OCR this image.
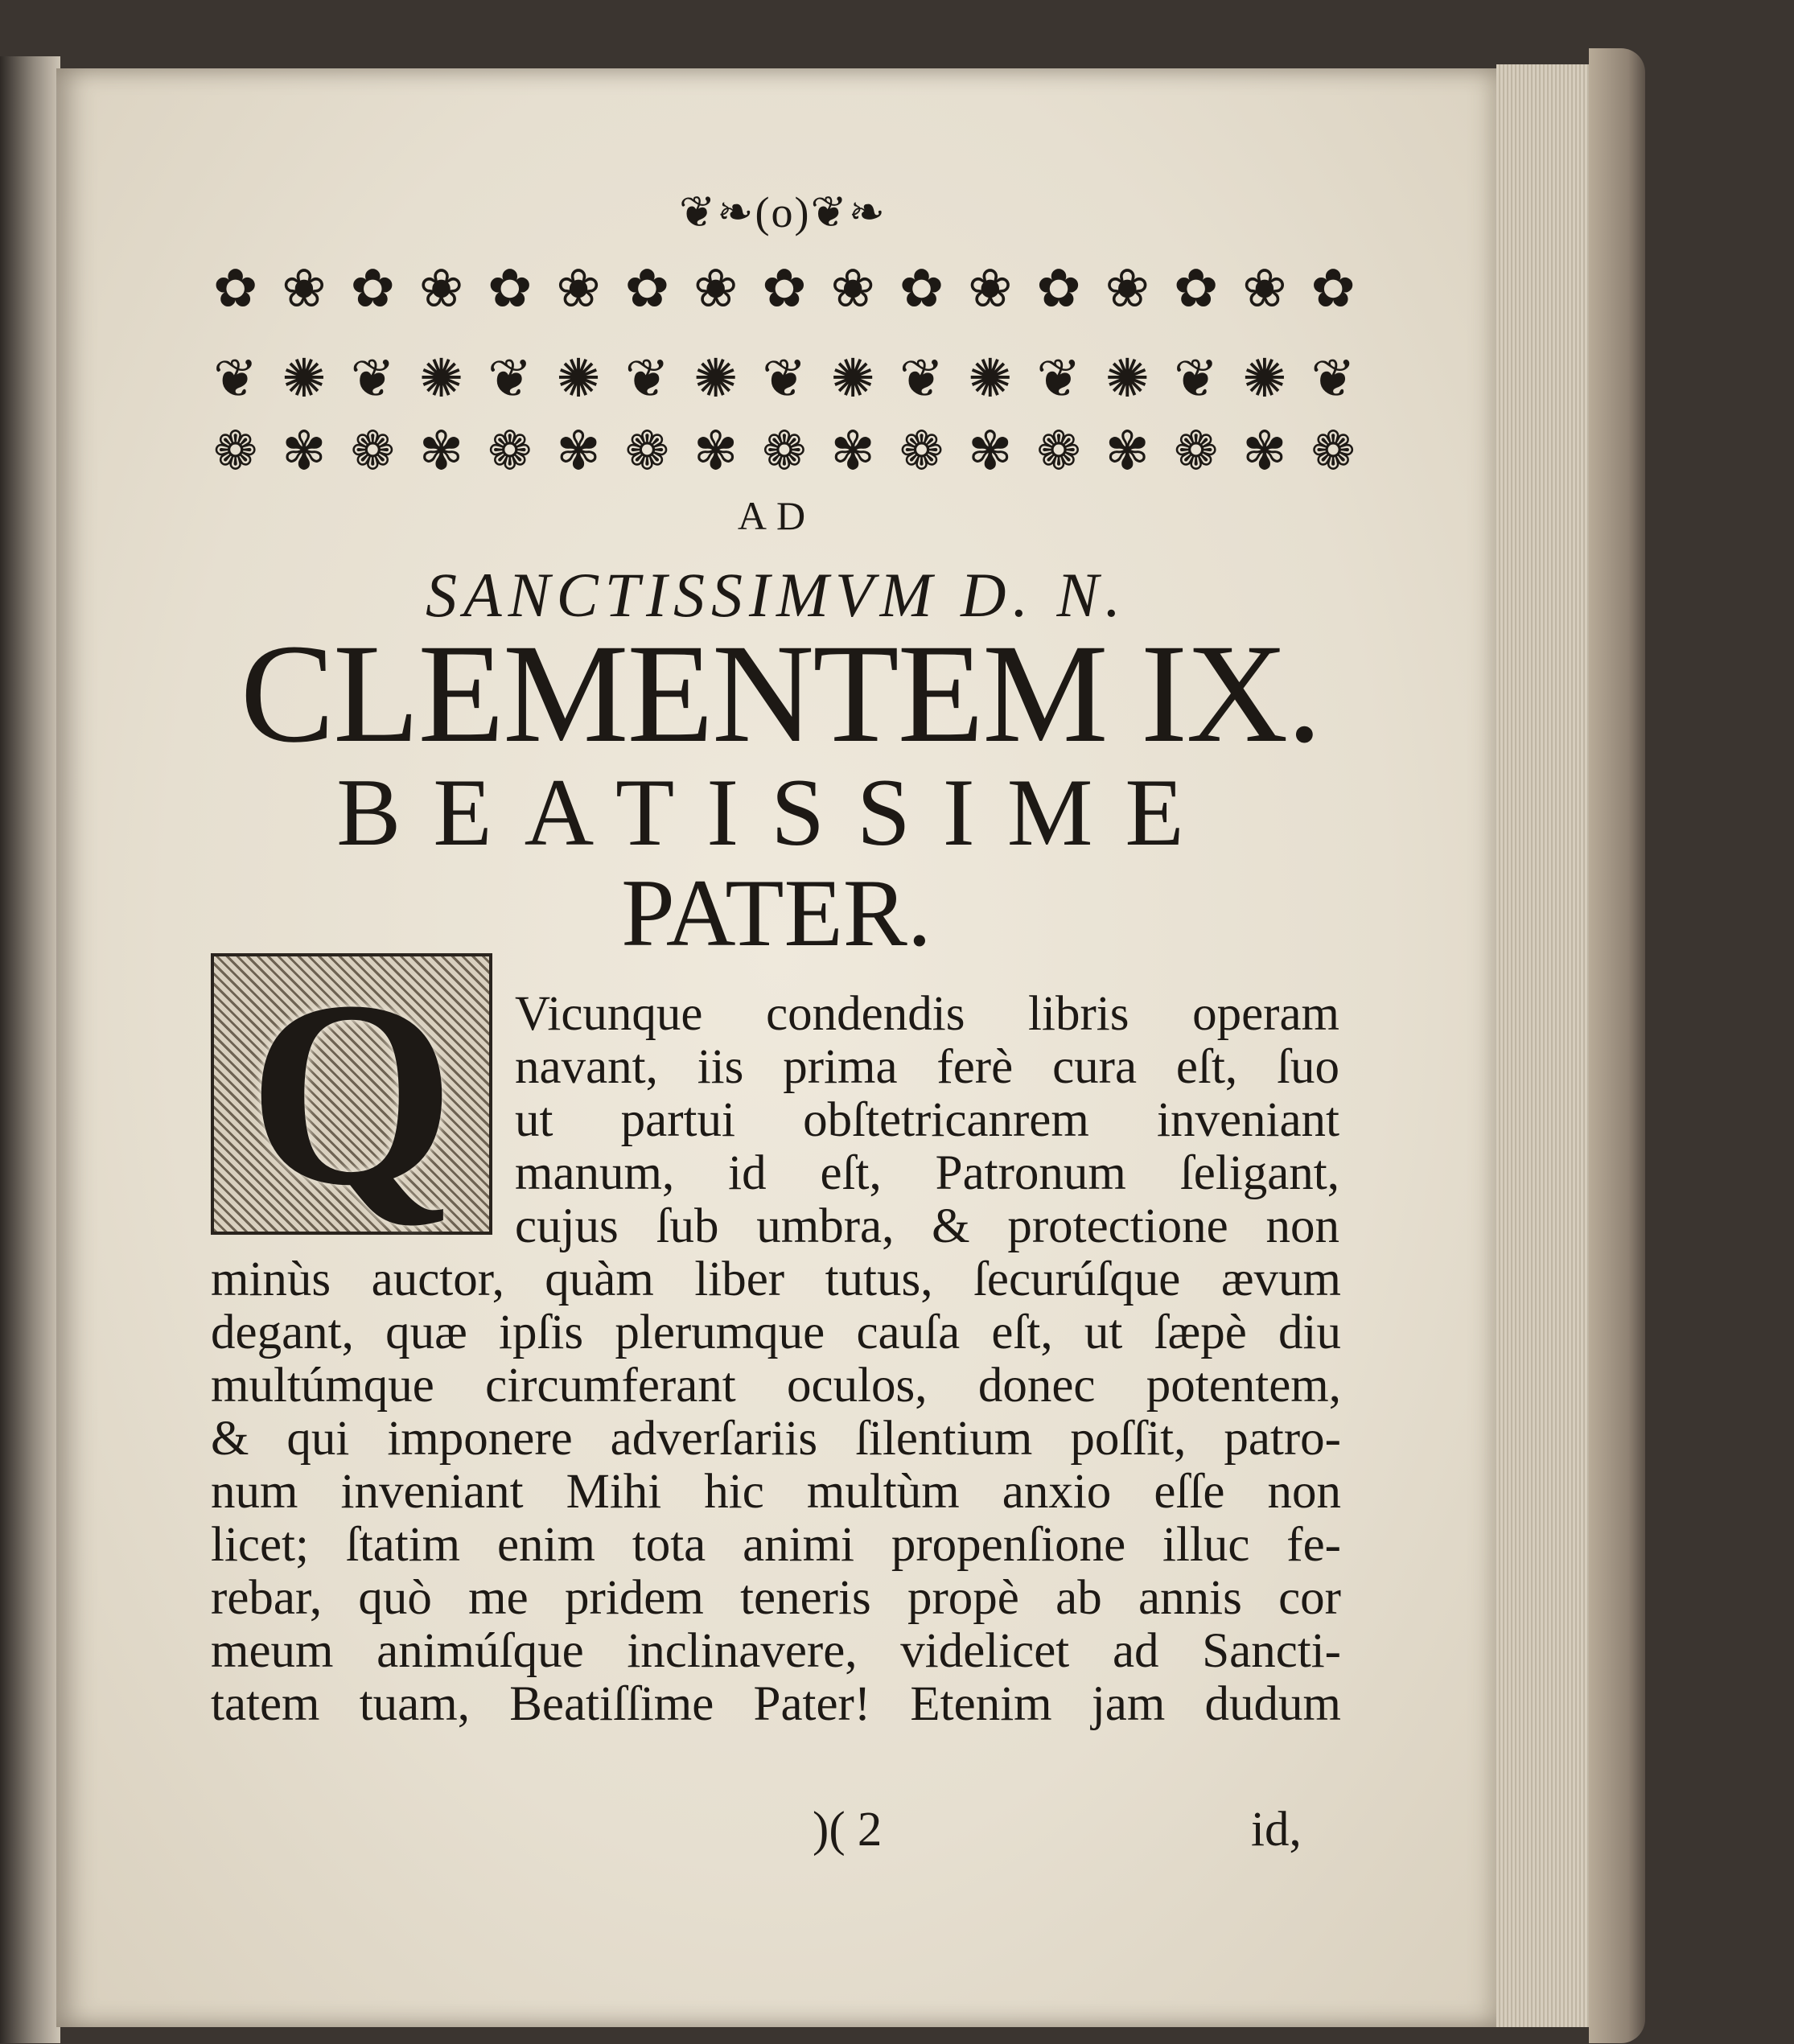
❦❧(o)❦❧
✿ ❀ ✿ ❀ ✿ ❀ ✿ ❀ ✿ ❀ ✿ ❀ ✿ ❀ ✿ ❀ ✿
❦ ✺ ❦ ✺ ❦ ✺ ❦ ✺ ❦ ✺ ❦ ✺ ❦ ✺ ❦ ✺ ❦
❁ ✾ ❁ ✾ ❁ ✾ ❁ ✾ ❁ ✾ ❁ ✾ ❁ ✾ ❁ ✾ ❁
AD
SANCTISSIMVM D. N.
CLEMENTEM IX.
BEATISSIME
PATER.
Q Vicunque condendis libris operam
navant, iis prima ferè cura eſt, ſuo
ut partui obſtetricanrem inveniant
manum, id eſt, Patronum ſeligant,
cujus ſub umbra, & protectione non
minùs auctor, quàm liber tutus, ſecurúſque ævum
degant, quæ ipſis plerumque cauſa eſt, ut ſæpè diu
multúmque circumferant oculos, donec potentem,
& qui imponere adverſariis ſilentium poſſit, patro-
num inveniant Mihi hic multùm anxio eſſe non
licet; ſtatim enim tota animi propenſione illuc fe-
rebar, quò me pridem teneris propè ab annis cor
meum animúſque inclinavere, videlicet ad Sancti-
tatem tuam, Beatiſſime Pater! Etenim jam dudum
)( 2	id,
